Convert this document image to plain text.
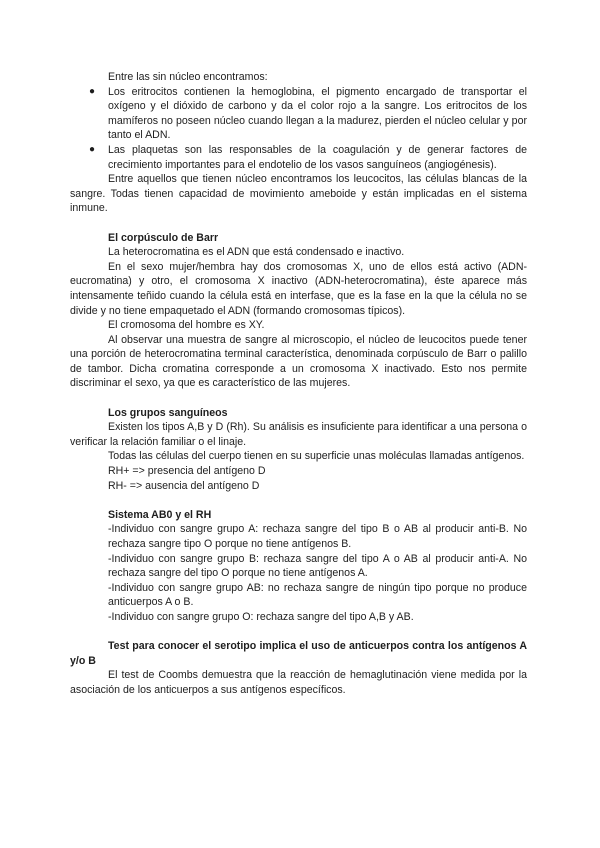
Entre las sin núcleo encontramos:

● Los eritrocitos contienen la hemoglobina, el pigmento encargado de transportar el oxígeno y el dióxido de carbono y da el color rojo a la sangre. Los eritrocitos de los mamíferos no poseen núcleo cuando llegan a la madurez, pierden el núcleo celular y por tanto el ADN.
● Las plaquetas son las responsables de la coagulación y de generar factores de crecimiento importantes para el endotelio de los vasos sanguíneos (angiogénesis).

Entre aquellos que tienen núcleo encontramos los leucocitos, las células blancas de la sangre. Todas tienen capacidad de movimiento ameboide y están implicadas en el sistema inmune.

El corpúsculo de Barr

La heterocromatina es el ADN que está condensado e inactivo.

En el sexo mujer/hembra hay dos cromosomas X, uno de ellos está activo (ADN-eucromatina) y otro, el cromosoma X inactivo (ADN-heterocromatina), éste aparece más intensamente teñido cuando la célula está en interfase, que es la fase en la que la célula no se divide y no tiene empaquetado el ADN (formando cromosomas típicos).

El cromosoma del hombre es XY.

Al observar una muestra de sangre al microscopio, el núcleo de leucocitos puede tener una porción de heterocromatina terminal característica, denominada corpúsculo de Barr o palillo de tambor. Dicha cromatina corresponde a un cromosoma X inactivado. Esto nos permite discriminar el sexo, ya que es característico de las mujeres.

Los grupos sanguíneos

Existen los tipos A,B y D (Rh). Su análisis es insuficiente para identificar a una persona o verificar la relación familiar o el linaje.

Todas las células del cuerpo tienen en su superficie unas moléculas llamadas antígenos.

RH+ => presencia del antígeno D

RH- => ausencia del antígeno D

Sistema AB0 y el RH

-Individuo con sangre grupo A: rechaza sangre del tipo B o AB al producir anti-B. No rechaza sangre tipo O porque no tiene antígenos B.

-Individuo con sangre grupo B: rechaza sangre del tipo A o AB al producir anti-A. No rechaza sangre del tipo O porque no tiene antígenos A.

-Individuo con sangre grupo AB: no rechaza sangre de ningún tipo porque no produce anticuerpos A o B.

-Individuo con sangre grupo O: rechaza sangre del tipo A,B y AB.

Test para conocer el serotipo implica el uso de anticuerpos contra los antígenos A y/o B

El test de Coombs demuestra que la reacción de hemaglutinación viene medida por la asociación de los anticuerpos a sus antígenos específicos.
